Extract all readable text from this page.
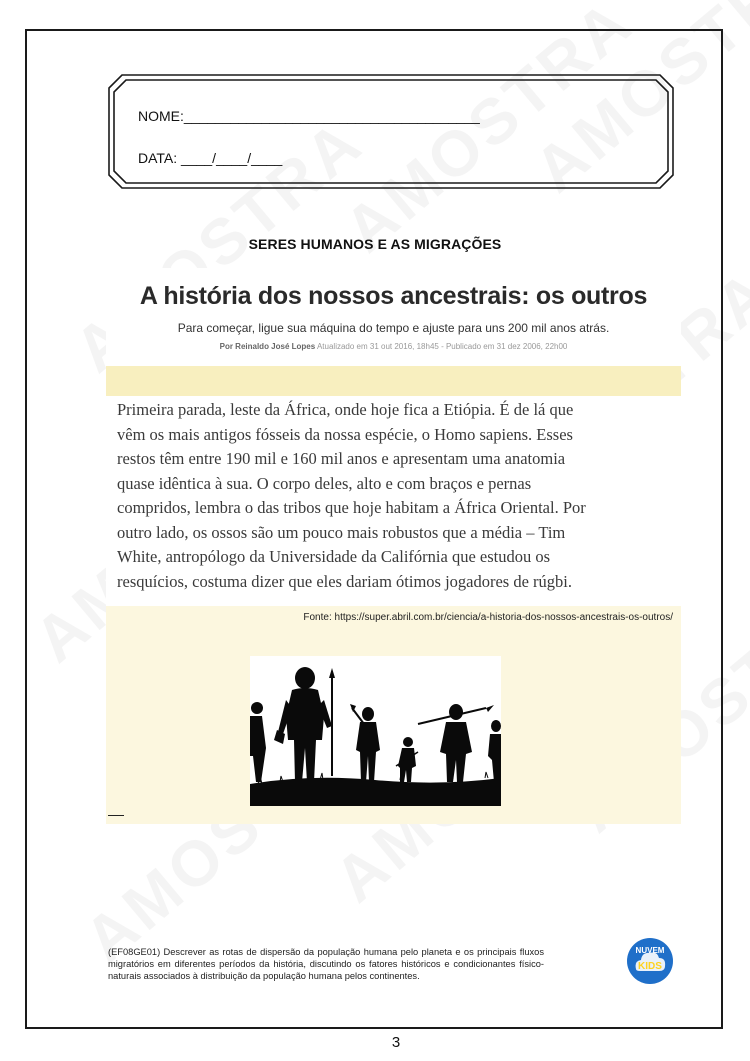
NOME:______________________________________
DATA: ____/____/____
SERES HUMANOS E AS MIGRAÇÕES
A história dos nossos ancestrais: os outros
Para começar, ligue sua máquina do tempo e ajuste para uns 200 mil anos atrás.
Por Reinaldo José Lopes Atualizado em 31 out 2016, 18h45 - Publicado em 31 dez 2006, 22h00
Primeira parada, leste da África, onde hoje fica a Etiópia. É de lá que
vêm os mais antigos fósseis da nossa espécie, o Homo sapiens. Esses
restos têm entre 190 mil e 160 mil anos e apresentam uma anatomia
quase idêntica à sua. O corpo deles, alto e com braços e pernas
compridos, lembra o das tribos que hoje habitam a África Oriental. Por
outro lado, os ossos são um pouco mais robustos que a média – Tim
White, antropólogo da Universidade da Califórnia que estudou os
resquícios, costuma dizer que eles dariam ótimos jogadores de rúgbi.
Fonte: https://super.abril.com.br/ciencia/a-historia-dos-nossos-ancestrais-os-outros/
(EF08GE01) Descrever as rotas de dispersão da população humana pelo planeta e os principais fluxos migratórios em diferentes períodos da história, discutindo os fatores históricos e condicionantes físico-naturais associados à distribuição da população humana pelos continentes.
NUVEM
KIDS
3
